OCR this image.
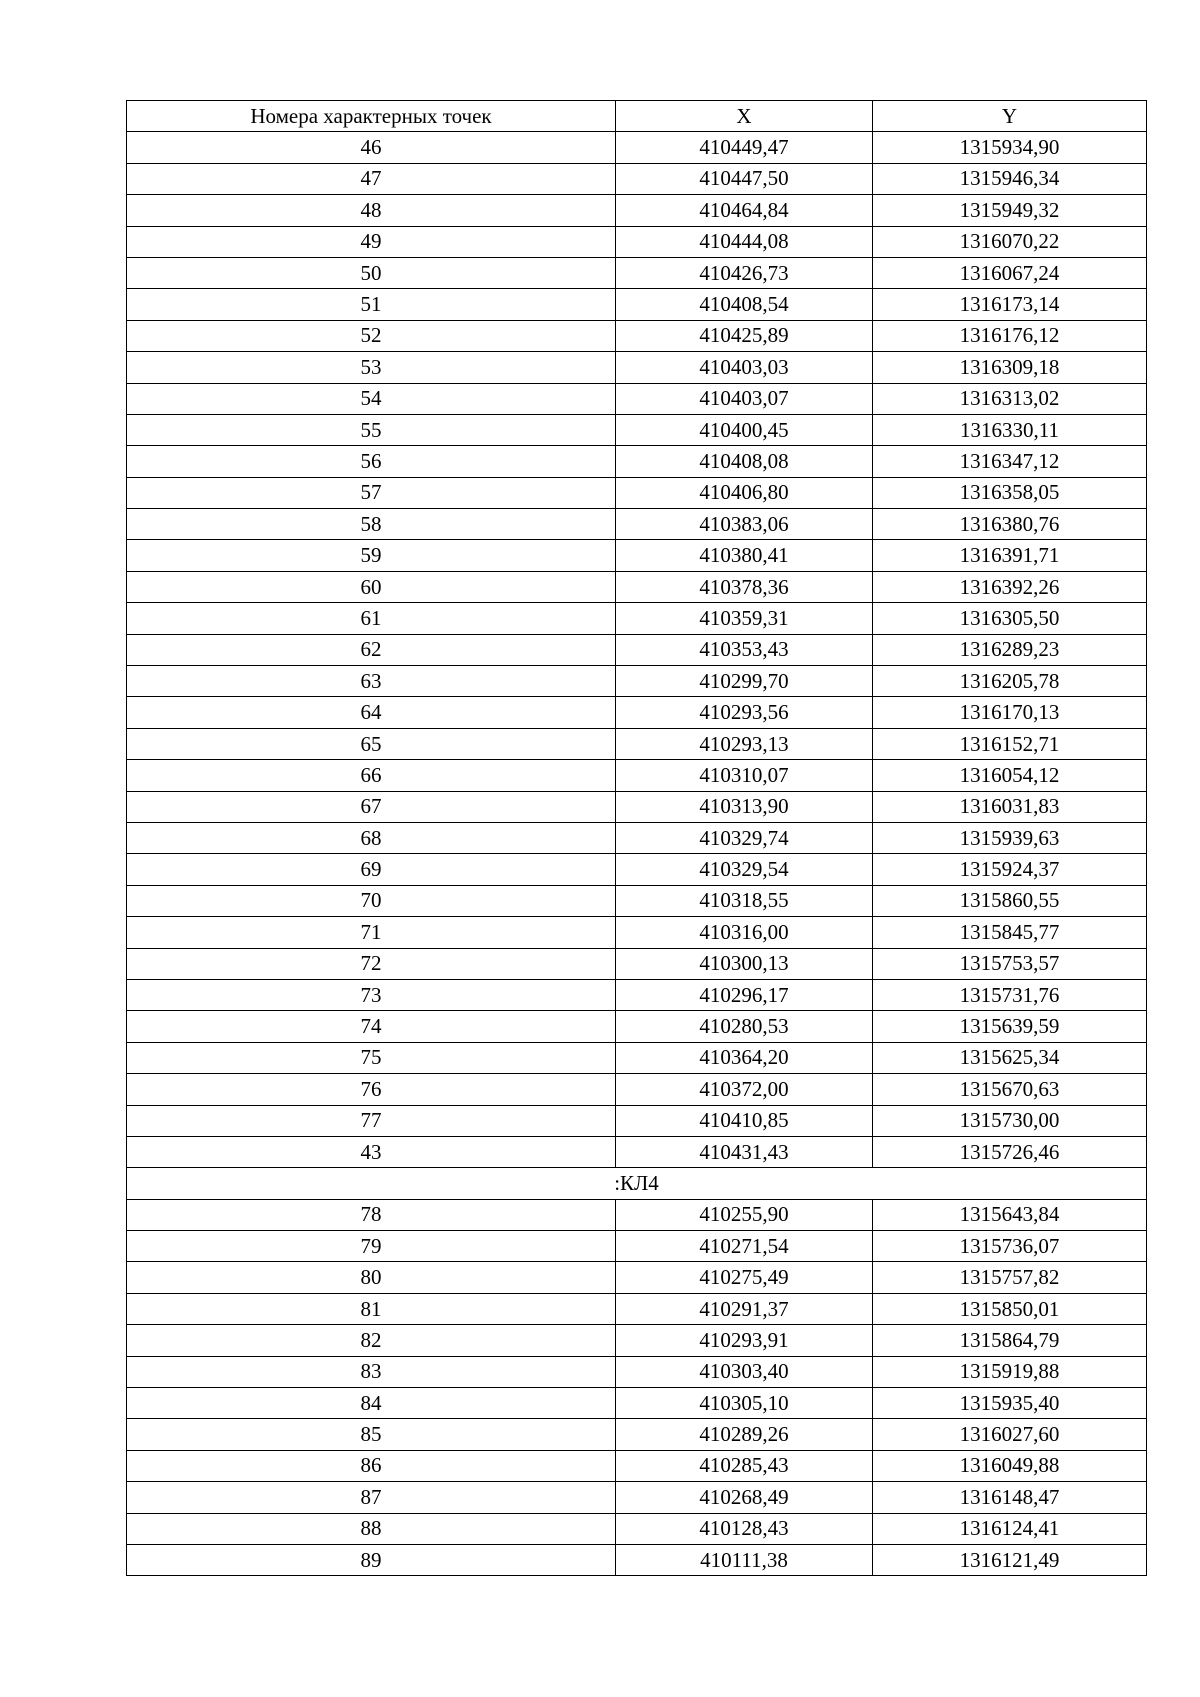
Номера характерных точек	X	Y
46	410449,47	1315934,90
47	410447,50	1315946,34
48	410464,84	1315949,32
49	410444,08	1316070,22
50	410426,73	1316067,24
51	410408,54	1316173,14
52	410425,89	1316176,12
53	410403,03	1316309,18
54	410403,07	1316313,02
55	410400,45	1316330,11
56	410408,08	1316347,12
57	410406,80	1316358,05
58	410383,06	1316380,76
59	410380,41	1316391,71
60	410378,36	1316392,26
61	410359,31	1316305,50
62	410353,43	1316289,23
63	410299,70	1316205,78
64	410293,56	1316170,13
65	410293,13	1316152,71
66	410310,07	1316054,12
67	410313,90	1316031,83
68	410329,74	1315939,63
69	410329,54	1315924,37
70	410318,55	1315860,55
71	410316,00	1315845,77
72	410300,13	1315753,57
73	410296,17	1315731,76
74	410280,53	1315639,59
75	410364,20	1315625,34
76	410372,00	1315670,63
77	410410,85	1315730,00
43	410431,43	1315726,46
:КЛ4		
78	410255,90	1315643,84
79	410271,54	1315736,07
80	410275,49	1315757,82
81	410291,37	1315850,01
82	410293,91	1315864,79
83	410303,40	1315919,88
84	410305,10	1315935,40
85	410289,26	1316027,60
86	410285,43	1316049,88
87	410268,49	1316148,47
88	410128,43	1316124,41
89	410111,38	1316121,49
